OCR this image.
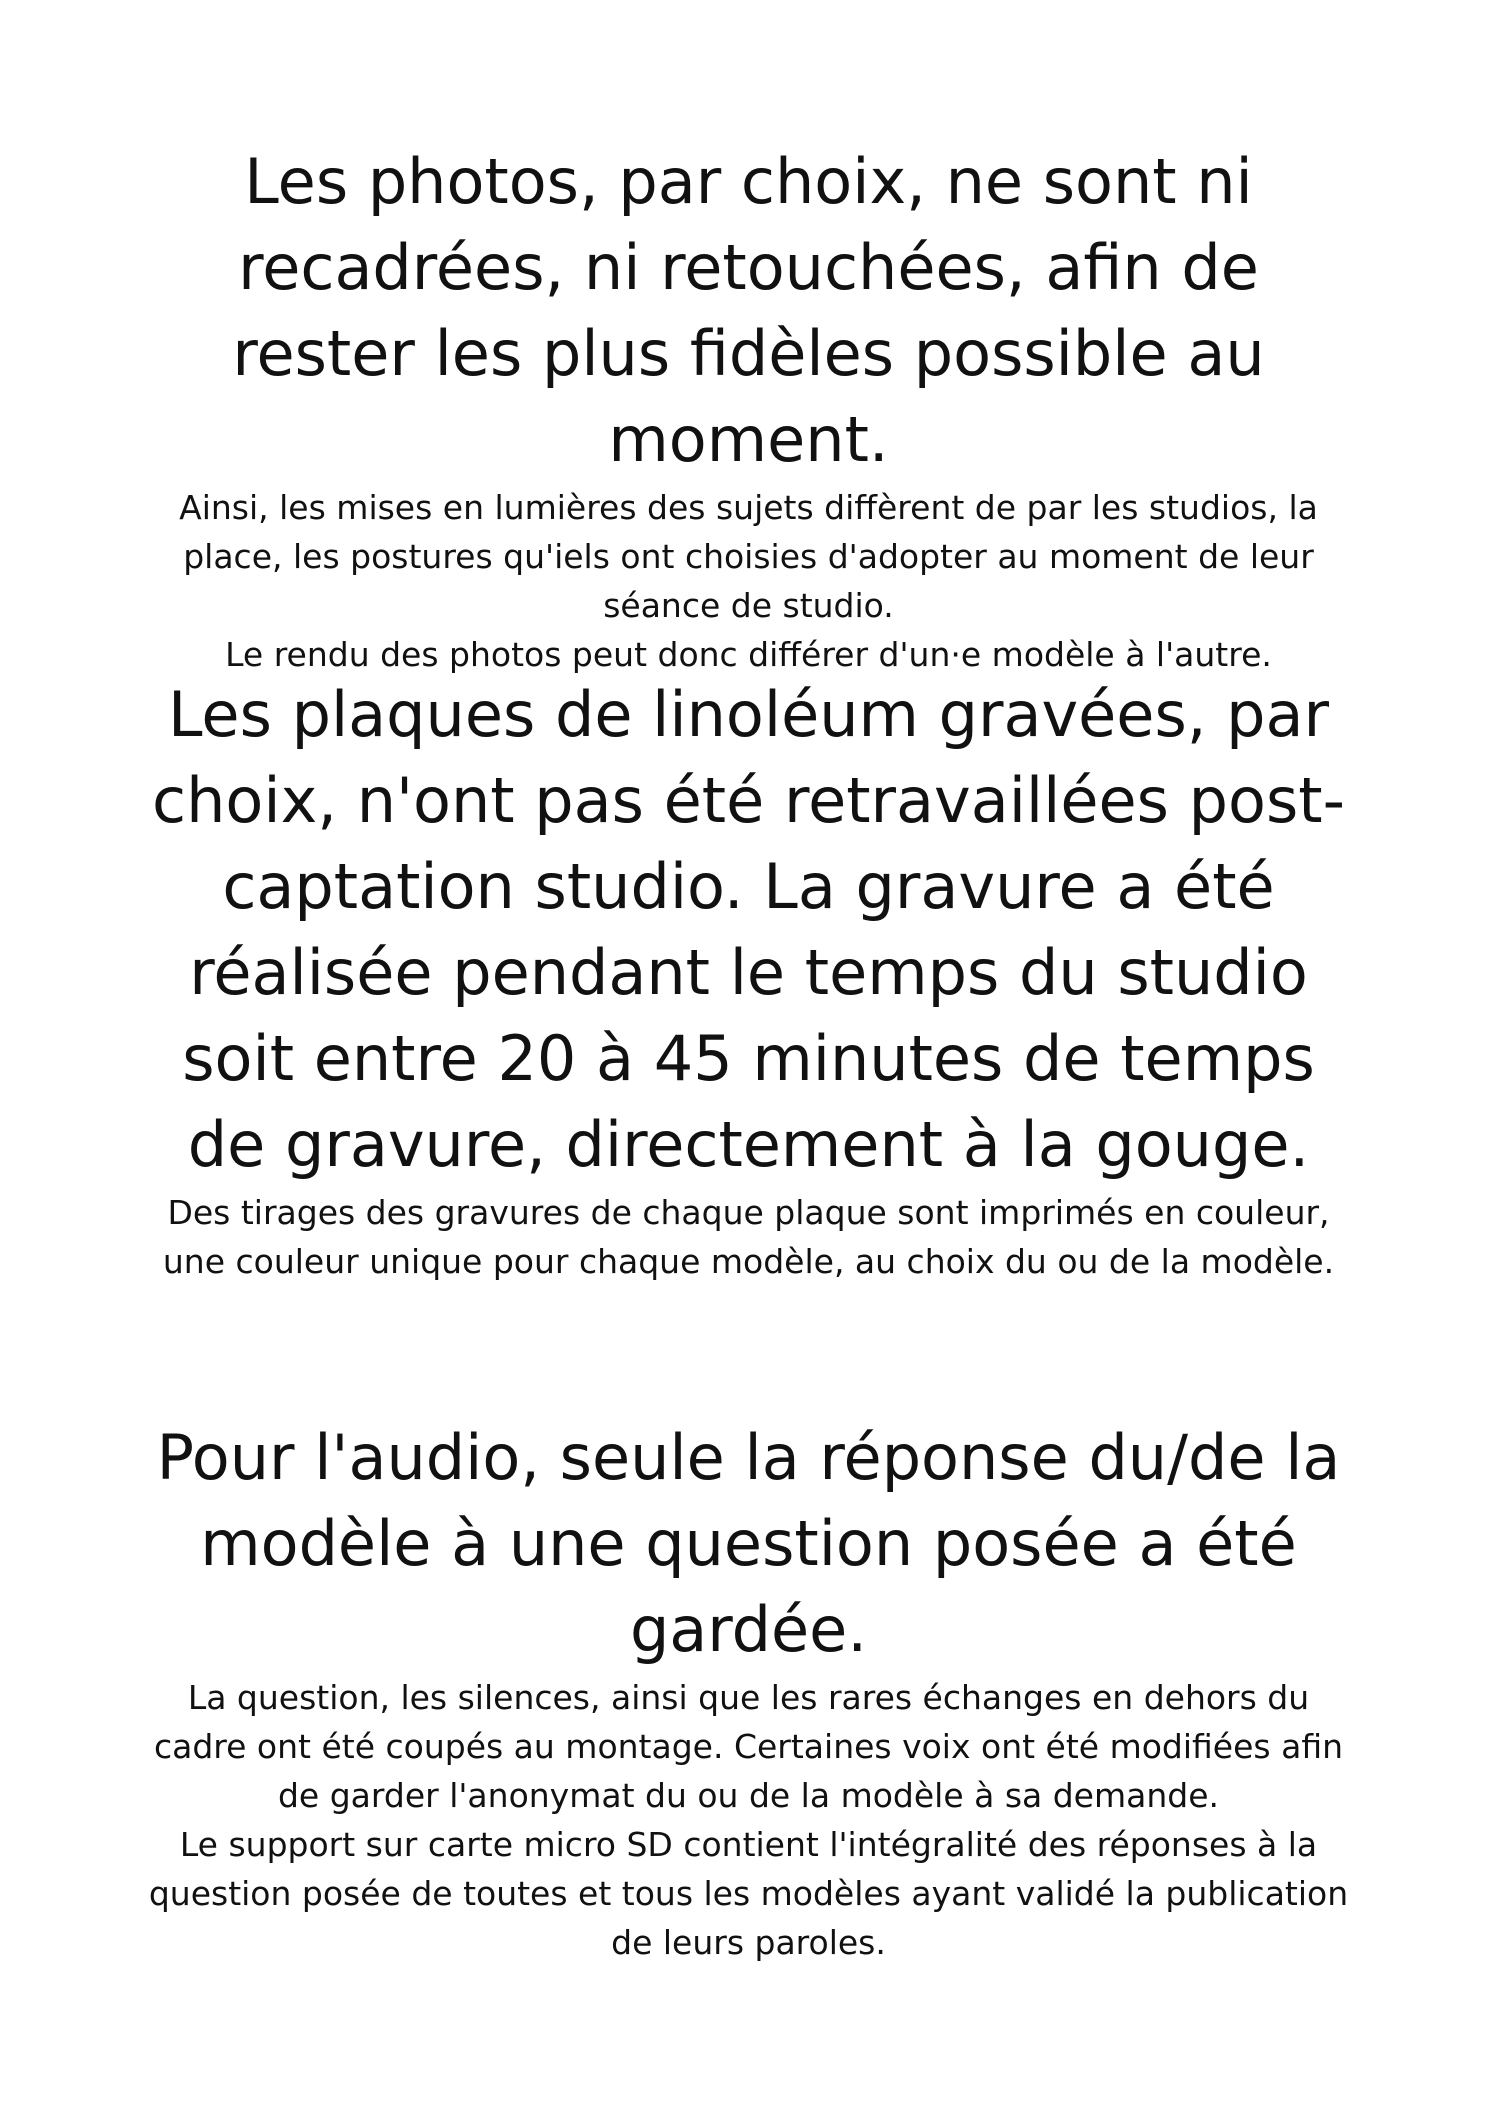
Les photos, par choix, ne sont ni recadrées, ni retouchées, afin de rester les plus fidèles possible au moment.

Ainsi, les mises en lumières des sujets diffèrent de par les studios, la place, les postures qu'iels ont choisies d'adopter au moment de leur séance de studio.
Le rendu des photos peut donc différer d'un·e modèle à l'autre.

Les plaques de linoléum gravées, par choix, n'ont pas été retravaillées post-captation studio. La gravure a été réalisée pendant le temps du studio soit entre 20 à 45 minutes de temps de gravure, directement à la gouge.

Des tirages des gravures de chaque plaque sont imprimés en couleur, une couleur unique pour chaque modèle, au choix du ou de la modèle.

Pour l'audio, seule la réponse du/de la modèle à une question posée a été gardée.

La question, les silences, ainsi que les rares échanges en dehors du cadre ont été coupés au montage. Certaines voix ont été modifiées afin de garder l'anonymat du ou de la modèle à sa demande.
Le support sur carte micro SD contient l'intégralité des réponses à la question posée de toutes et tous les modèles ayant validé la publication de leurs paroles.
